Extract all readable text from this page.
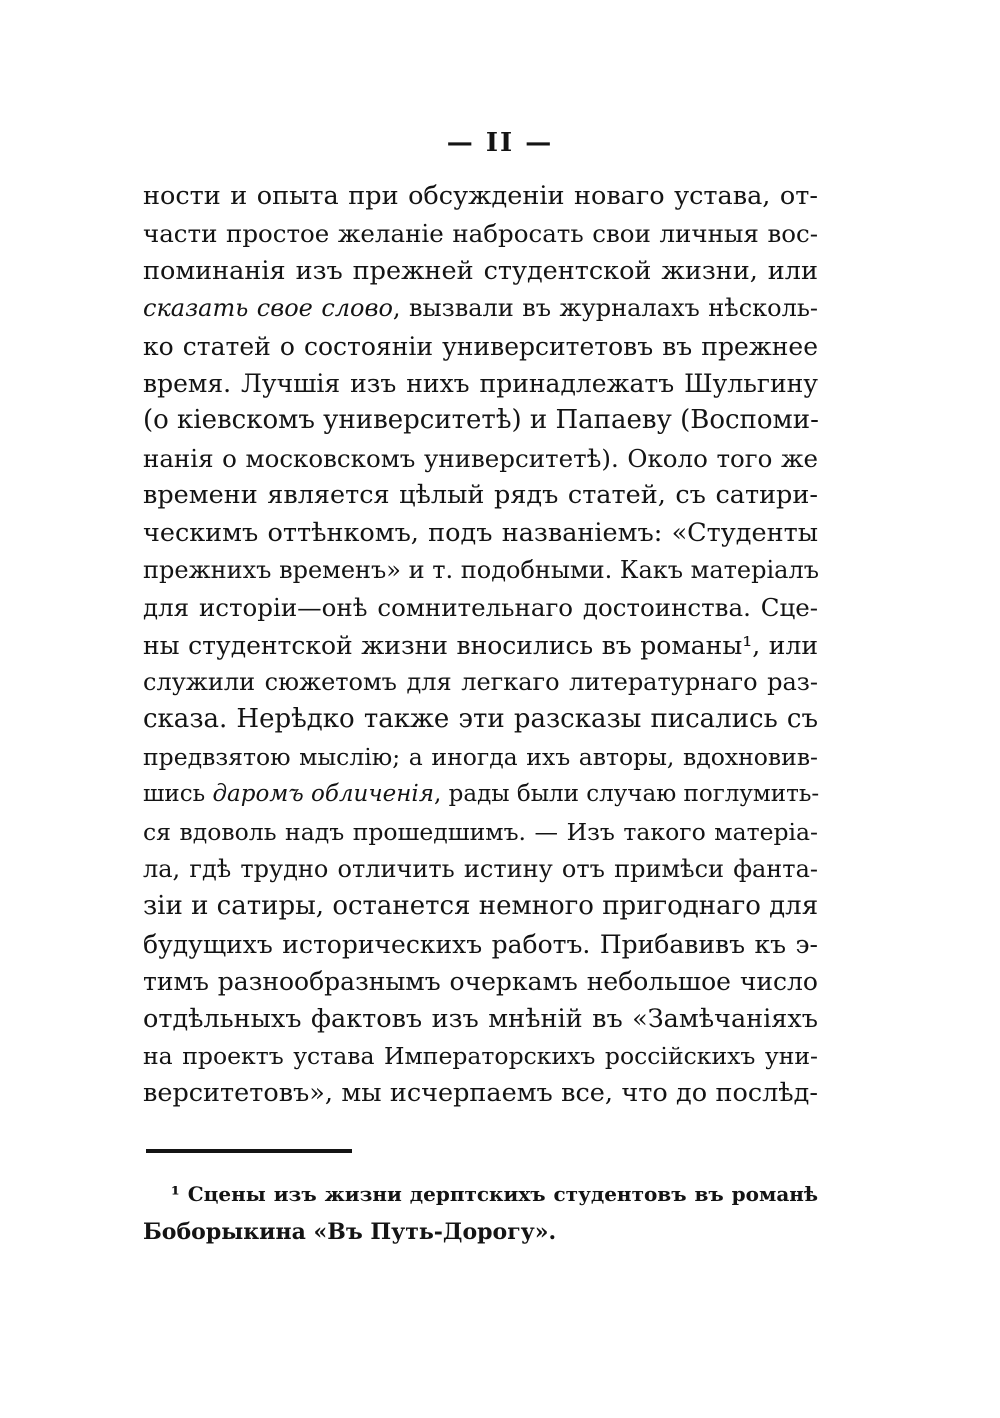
— II —
ности и опыта при обсужденіи новаго устава, от-
части простое желаніе набросать свои личныя вос-
поминанія изъ прежней студентской жизни, или
сказать свое слово, вызвали въ журналахъ нѣсколь-
ко статей о состояніи университетовъ въ прежнее
время. Лучшія изъ нихъ принадлежатъ Шульгину
(о кіевскомъ университетѣ) и Папаеву (Воспоми-
нанія о московскомъ университетѣ). Около того же
времени является цѣлый рядъ статей, съ сатири-
ческимъ оттѣнкомъ, подъ названіемъ: «Студенты
прежнихъ временъ» и т. подобными. Какъ матеріалъ
для исторіи—онѣ сомнительнаго достоинства. Сце-
ны студентской жизни вносились въ романы¹, или
служили сюжетомъ для легкаго литературнаго раз-
сказа. Нерѣдко также эти разсказы писались съ
предвзятою мыслію; а иногда ихъ авторы, вдохновив-
шись даромъ обличенія, рады были случаю поглумить-
ся вдоволь надъ прошедшимъ. — Изъ такого матеріа-
ла, гдѣ трудно отличить истину отъ примѣси фанта-
зіи и сатиры, останется немного пригоднаго для
будущихъ историческихъ работъ. Прибавивъ къ э-
тимъ разнообразнымъ очеркамъ небольшое число
отдѣльныхъ фактовъ изъ мнѣній въ «Замѣчаніяхъ
на проектъ устава Императорскихъ россійскихъ уни-
верситетовъ», мы исчерпаемъ все, что до послѣд-
¹ Сцены изъ жизни дерптскихъ студентовъ въ романѣ
Боборыкина «Въ Путь-Дорогу».
